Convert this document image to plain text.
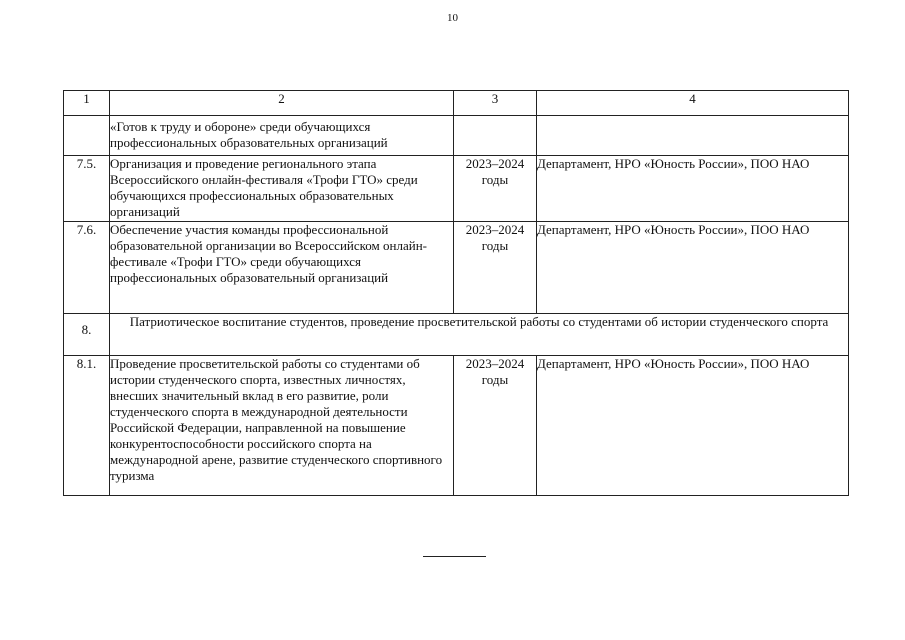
10
1	2	3	4
	«Готов к труду и обороне» среди обучающихся профессиональных образовательных организаций		
7.5.	Организация и проведение регионального этапа Всероссийского онлайн-фестиваля «Трофи ГТО» среди обучающихся профессиональных образовательных организаций	2023–2024 годы	Департамент, НРО «Юность России», ПОО НАО
7.6.	Обеспечение участия команды профессиональной образовательной организации во Всероссийском онлайн-фестивале «Трофи ГТО» среди обучающихся профессиональных образовательный организаций	2023–2024 годы	Департамент, НРО «Юность России», ПОО НАО
8.	Патриотическое воспитание студентов, проведение просветительской работы со студентами об истории студенческого спорта		
8.1.	Проведение просветительской работы со студентами об истории студенческого спорта, известных личностях, внесших значительный вклад в его развитие, роли студенческого спорта в международной деятельности Российской Федерации, направленной на повышение конкурентоспособности российского спорта на международной арене, развитие студенческого спортивного туризма	2023–2024 годы	Департамент, НРО «Юность России», ПОО НАО
